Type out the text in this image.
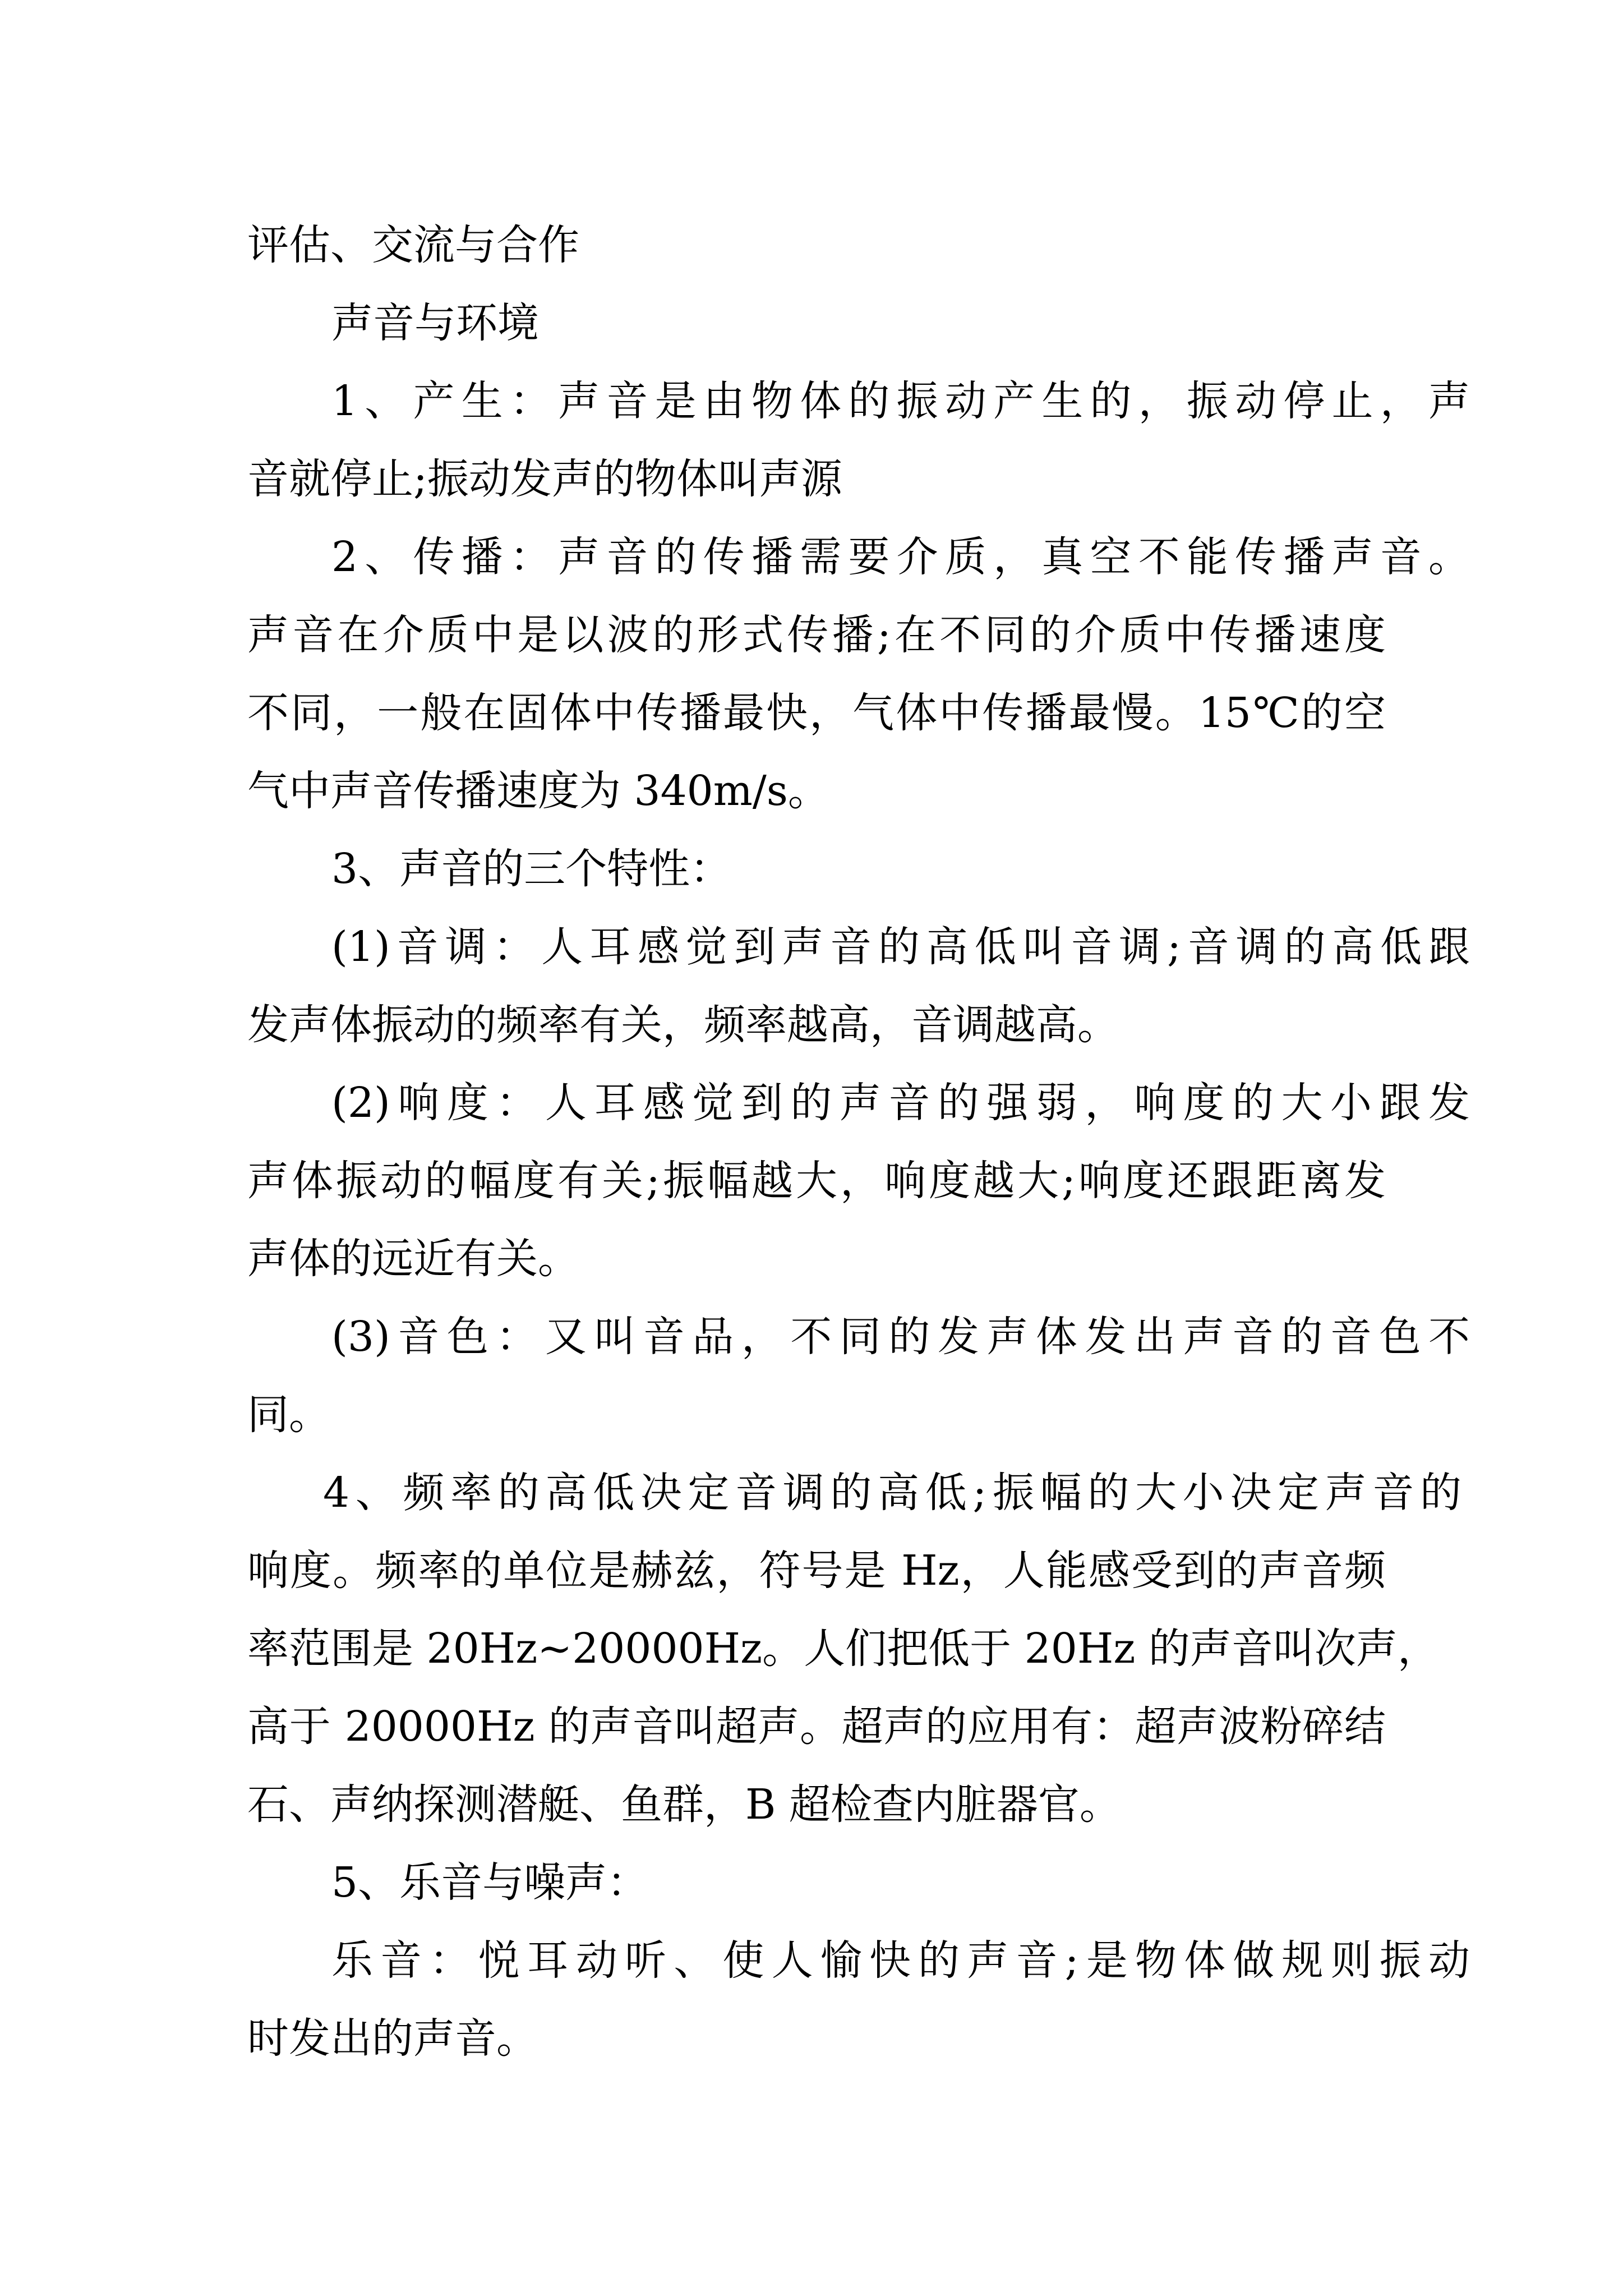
评估、交流与合作
声音与环境
1、产生：声音是由物体的振动产生的，振动停止，声
音就停止;振动发声的物体叫声源
2、传播：声音的传播需要介质，真空不能传播声音。
声音在介质中是以波的形式传播;在不同的介质中传播速度
不同，一般在固体中传播最快，气体中传播最慢。15℃的空
气中声音传播速度为 340m/s。
3、声音的三个特性：
(1)音调：人耳感觉到声音的高低叫音调;音调的高低跟
发声体振动的频率有关，频率越高，音调越高。
(2)响度：人耳感觉到的声音的强弱，响度的大小跟发
声体振动的幅度有关;振幅越大，响度越大;响度还跟距离发
声体的远近有关。
(3)音色：又叫音品，不同的发声体发出声音的音色不
同。
4、频率的高低决定音调的高低;振幅的大小决定声音的
响度。频率的单位是赫兹，符号是 Hz，人能感受到的声音频
率范围是 20Hz~20000Hz。人们把低于 20Hz 的声音叫次声，
高于 20000Hz 的声音叫超声。超声的应用有：超声波粉碎结
石、声纳探测潜艇、鱼群，B 超检查内脏器官。
5、乐音与噪声：
乐音：悦耳动听、使人愉快的声音;是物体做规则振动
时发出的声音。
